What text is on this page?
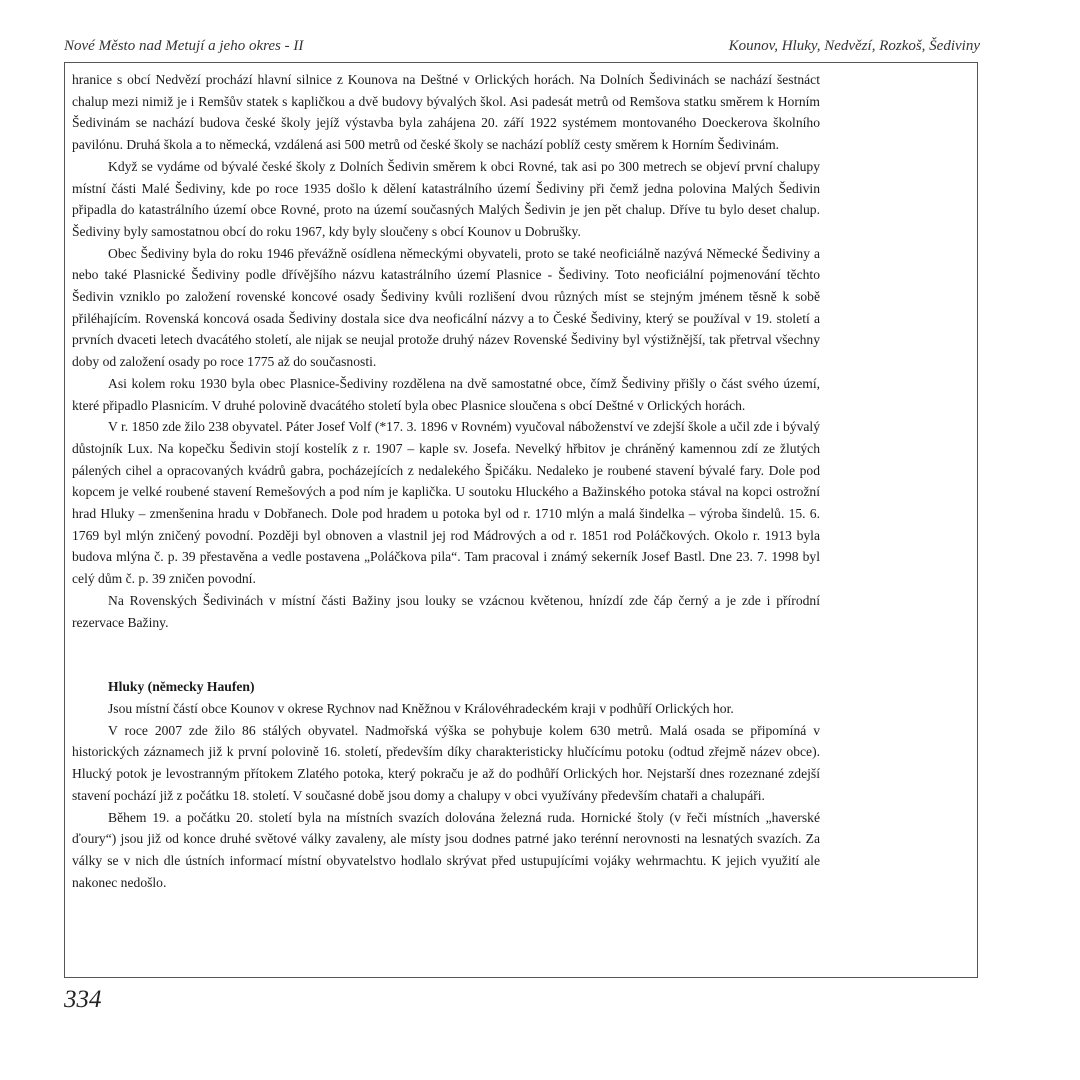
Nové Město nad Metují a jeho okres - II	Kounov, Hluky, Nedvězí, Rozkoš, Šediviny

hranice s obcí Nedvězí prochází hlavní silnice z Kounova na Deštné v Orlických horách. Na Dolních Šedivinách se nachází šestnáct chalup mezi nimiž je i Remšův statek s kapličkou a dvě budovy bývalých škol. Asi padesát metrů od Remšova statku směrem k Horním Šedivinám se nachází budova české školy jejíž výstavba byla zahájena 20. září 1922 systémem montovaného Doeckerova školního pavilónu. Druhá škola a to německá, vzdálená asi 500 metrů od české školy se nachází poblíž cesty směrem k Horním Šedivinám.

Když se vydáme od bývalé české školy z Dolních Šedivin směrem k obci Rovné, tak asi po 300 metrech se objeví první chalupy místní části Malé Šediviny, kde po roce 1935 došlo k dělení katastrálního území Šediviny při čemž jedna polovina Malých Šedivin připadla do katastrálního území obce Rovné, proto na území současných Malých Šedivin je jen pět chalup. Dříve tu bylo deset chalup. Šediviny byly samostatnou obcí do roku 1967, kdy byly sloučeny s obcí Kounov u Dobrušky.

Obec Šediviny byla do roku 1946 převážně osídlena německými obyvateli, proto se také neoficiálně nazývá Německé Šediviny a nebo také Plasnické Šediviny podle dřívějšího názvu katastrálního území Plasnice - Šediviny. Toto neoficiální pojmenování těchto Šedivin vzniklo po založení rovenské koncové osady Šediviny kvůli rozlišení dvou různých míst se stejným jménem těsně k sobě přiléhajícím. Rovenská koncová osada Šediviny dostala sice dva neoficální názvy a to České Šediviny, který se používal v 19. století a prvních dvaceti letech dvacátého století, ale nijak se neujal protože druhý název Rovenské Šediviny byl výstižnější, tak přetrval všechny doby od založení osady po roce 1775 až do současnosti.

Asi kolem roku 1930 byla obec Plasnice-Šediviny rozdělena na dvě samostatné obce, čímž Šediviny přišly o část svého území, které připadlo Plasnicím. V druhé polovině dvacátého století byla obec Plasnice sloučena s obcí Deštné v Orlických horách.

V r. 1850 zde žilo 238 obyvatel. Páter Josef Volf (*17. 3. 1896 v Rovném) vyučoval náboženství ve zdejší škole a učil zde i bývalý důstojník Lux. Na kopečku Šedivin stojí kostelík z r. 1907 – kaple sv. Josefa. Nevelký hřbitov je chráněný kamennou zdí ze žlutých pálených cihel a opracovaných kvádrů gabra, pocházejících z nedalekého Špičáku. Nedaleko je roubené stavení bývalé fary. Dole pod kopcem je velké roubené stavení Remešových a pod ním je kaplička. U soutoku Hluckého a Bažinského potoka stával na kopci ostrožní hrad Hluky – zmenšenina hradu v Dobřanech. Dole pod hradem u potoka byl od r. 1710 mlýn a malá šindelka – výroba šindelů. 15. 6. 1769 byl mlýn zničený povodní. Později byl obnoven a vlastnil jej rod Mádrových a od r. 1851 rod Poláčkových. Okolo r. 1913 byla budova mlýna č. p. 39 přestavěna a vedle postavena „Poláčkova pila“. Tam pracoval i známý sekerník Josef Bastl. Dne 23. 7. 1998 byl celý dům č. p. 39 zničen povodní.

Na Rovenských Šedivinách v místní části Bažiny jsou louky se vzácnou květenou, hnízdí zde čáp černý a je zde i přírodní rezervace Bažiny.

Hluky (německy Haufen)

Jsou místní částí obce Kounov v okrese Rychnov nad Kněžnou v Královéhradeckém kraji v podhůří Orlických hor.

V roce 2007 zde žilo 86 stálých obyvatel. Nadmořská výška se pohybuje kolem 630 metrů. Malá osada se připomíná v historických záznamech již k první polovině 16. století, především díky charakteristicky hlučícímu potoku (odtud zřejmě název obce). Hlucký potok je levostranným přítokem Zlatého potoka, který pokraču je až do podhůří Orlických hor. Nejstarší dnes rozeznané zdejší stavení pochází již z počátku 18. století. V současné době jsou domy a chalupy v obci využívány především chataři a chalupáři.

Během 19. a počátku 20. století byla na místních svazích dolována železná ruda. Hornické štoly (v řeči místních „haverské ďoury“) jsou již od konce druhé světové války zavaleny, ale místy jsou dodnes patrné jako terénní nerovnosti na lesnatých svazích. Za války se v nich dle ústních informací místní obyvatelstvo hodlalo skrývat před ustupujícími vojáky wehrmachtu. K jejich využití ale nakonec nedošlo.

334
